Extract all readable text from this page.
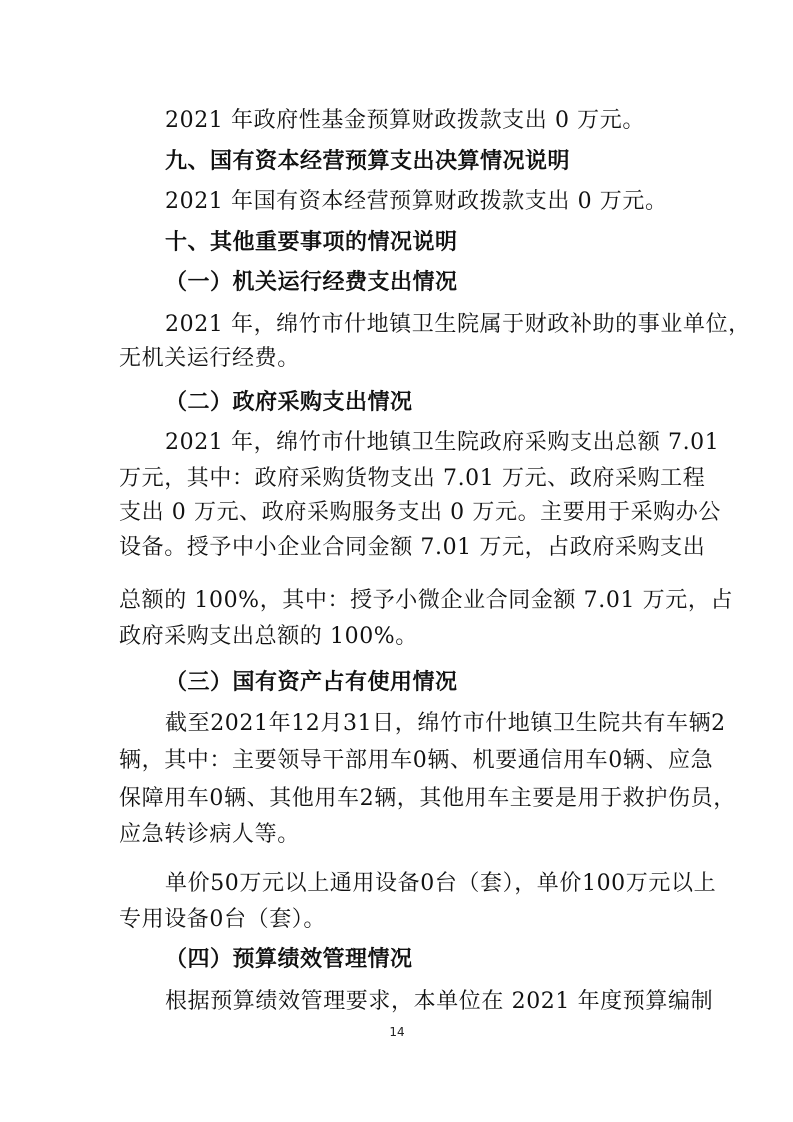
2021 年政府性基金预算财政拨款支出 0 万元。
九、国有资本经营预算支出决算情况说明
2021 年国有资本经营预算财政拨款支出 0 万元。
十、其他重要事项的情况说明
（一）机关运行经费支出情况
2021 年，绵竹市什地镇卫生院属于财政补助的事业单位，
无机关运行经费。
（二）政府采购支出情况
2021 年，绵竹市什地镇卫生院政府采购支出总额 7.01
万元，其中：政府采购货物支出 7.01 万元、政府采购工程
支出 0 万元、政府采购服务支出 0 万元。主要用于采购办公
设备。授予中小企业合同金额 7.01 万元，占政府采购支出
总额的 100%，其中：授予小微企业合同金额 7.01 万元，占
政府采购支出总额的 100%。
（三）国有资产占有使用情况
截至2021年12月31日，绵竹市什地镇卫生院共有车辆2
辆，其中：主要领导干部用车0辆、机要通信用车0辆、应急
保障用车0辆、其他用车2辆，其他用车主要是用于救护伤员，
应急转诊病人等。
单价50万元以上通用设备0台（套），单价100万元以上
专用设备0台（套）。
（四）预算绩效管理情况
根据预算绩效管理要求，本单位在 2021 年度预算编制
14
